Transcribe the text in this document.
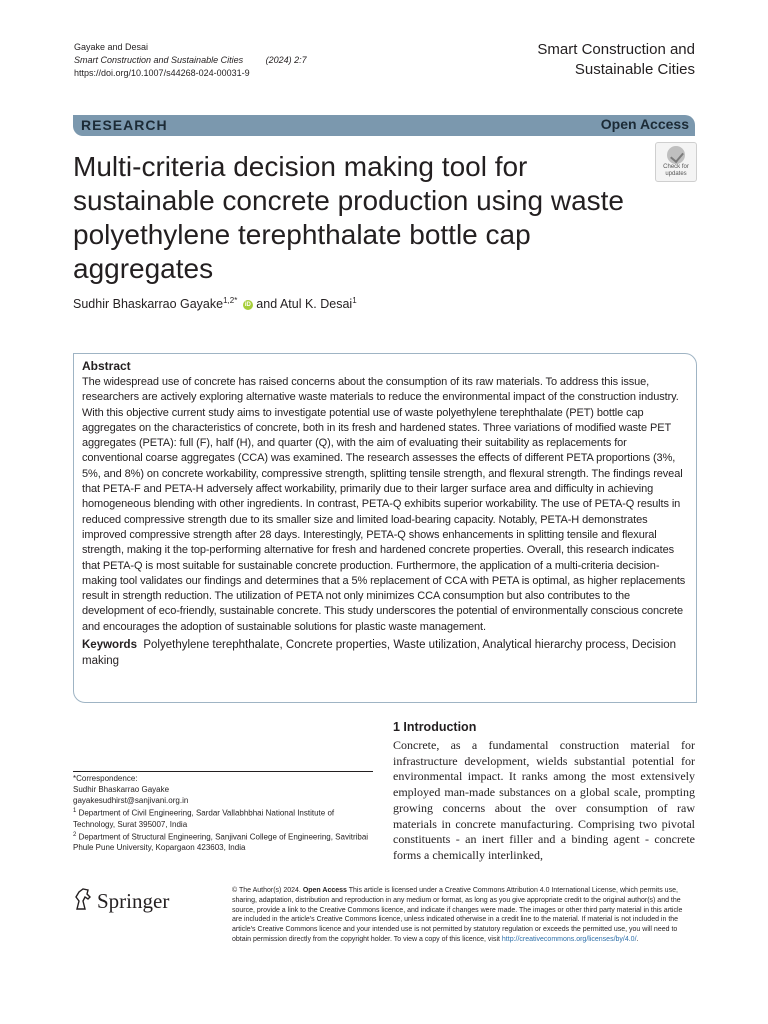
Gayake and Desai
Smart Construction and Sustainable Cities	(2024) 2:7
https://doi.org/10.1007/s44268-024-00031-9
Smart Construction and
Sustainable Cities
RESEARCH	Open Access
Multi-criteria decision making tool for sustainable concrete production using waste polyethylene terephthalate bottle cap aggregates
Check for
updates
Sudhir Bhaskarrao Gayake$^{1,2*}$ iD and Atul K. Desai$^1$
Abstract
The widespread use of concrete has raised concerns about the consumption of its raw materials. To address this issue, researchers are actively exploring alternative waste materials to reduce the environmental impact of the construction industry. With this objective current study aims to investigate potential use of waste polyethylene terephthalate (PET) bottle cap aggregates on the characteristics of concrete, both in its fresh and hardened states. Three variations of modified waste PET aggregates (PETA): full (F), half (H), and quarter (Q), with the aim of evaluating their suitability as replacements for conventional coarse aggregates (CCA) was examined. The research assesses the effects of different PETA proportions (3%, 5%, and 8%) on concrete workability, compressive strength, splitting tensile strength, and flexural strength. The findings reveal that PETA-F and PETA-H adversely affect workability, primarily due to their larger surface area and difficulty in achieving homogeneous blending with other ingredients. In contrast, PETA-Q exhibits superior workability. The use of PETA-Q results in reduced compressive strength due to its smaller size and limited load-bearing capacity. Notably, PETA-H demonstrates improved compressive strength after 28 days. Interestingly, PETA-Q shows enhancements in splitting tensile and flexural strength, making it the top-performing alternative for fresh and hardened concrete properties. Overall, this research indicates that PETA-Q is most suitable for sustainable concrete production. Furthermore, the application of a multi-criteria decision-making tool validates our findings and determines that a 5% replacement of CCA with PETA is optimal, as higher replacements result in strength reduction. The utilization of PETA not only minimizes CCA consumption but also contributes to the development of eco-friendly, sustainable concrete. This study underscores the potential of environmentally conscious concrete and encourages the adoption of sustainable solutions for plastic waste management.
Keywords Polyethylene terephthalate, Concrete properties, Waste utilization, Analytical hierarchy process, Decision making
1 Introduction
Concrete, as a fundamental construction material for infrastructure development, wields substantial potential for environmental impact. It ranks among the most extensively employed man-made substances on a global scale, prompting growing concerns about the over consumption of raw materials in concrete manufacturing. Comprising two pivotal constituents - an inert filler and a binding agent - concrete forms a chemically interlinked,
*Correspondence:
Sudhir Bhaskarrao Gayake
gayakesudhirst@sanjivani.org.in
$^1$ Department of Civil Engineering, Sardar Vallabhbhai National Institute of Technology, Surat 395007, India
$^2$ Department of Structural Engineering, Sanjivani College of Engineering, Savitribai Phule Pune University, Kopargaon 423603, India
Springer	© The Author(s) 2024. Open Access This article is licensed under a Creative Commons Attribution 4.0 International License, which permits use, sharing, adaptation, distribution and reproduction in any medium or format, as long as you give appropriate credit to the original author(s) and the source, provide a link to the Creative Commons licence, and indicate if changes were made. The images or other third party material in this article are included in the article's Creative Commons licence, unless indicated otherwise in a credit line to the material. If material is not included in the article's Creative Commons licence and your intended use is not permitted by statutory regulation or exceeds the permitted use, you will need to obtain permission directly from the copyright holder. To view a copy of this licence, visit http://creativecommons.org/licenses/by/4.0/.
